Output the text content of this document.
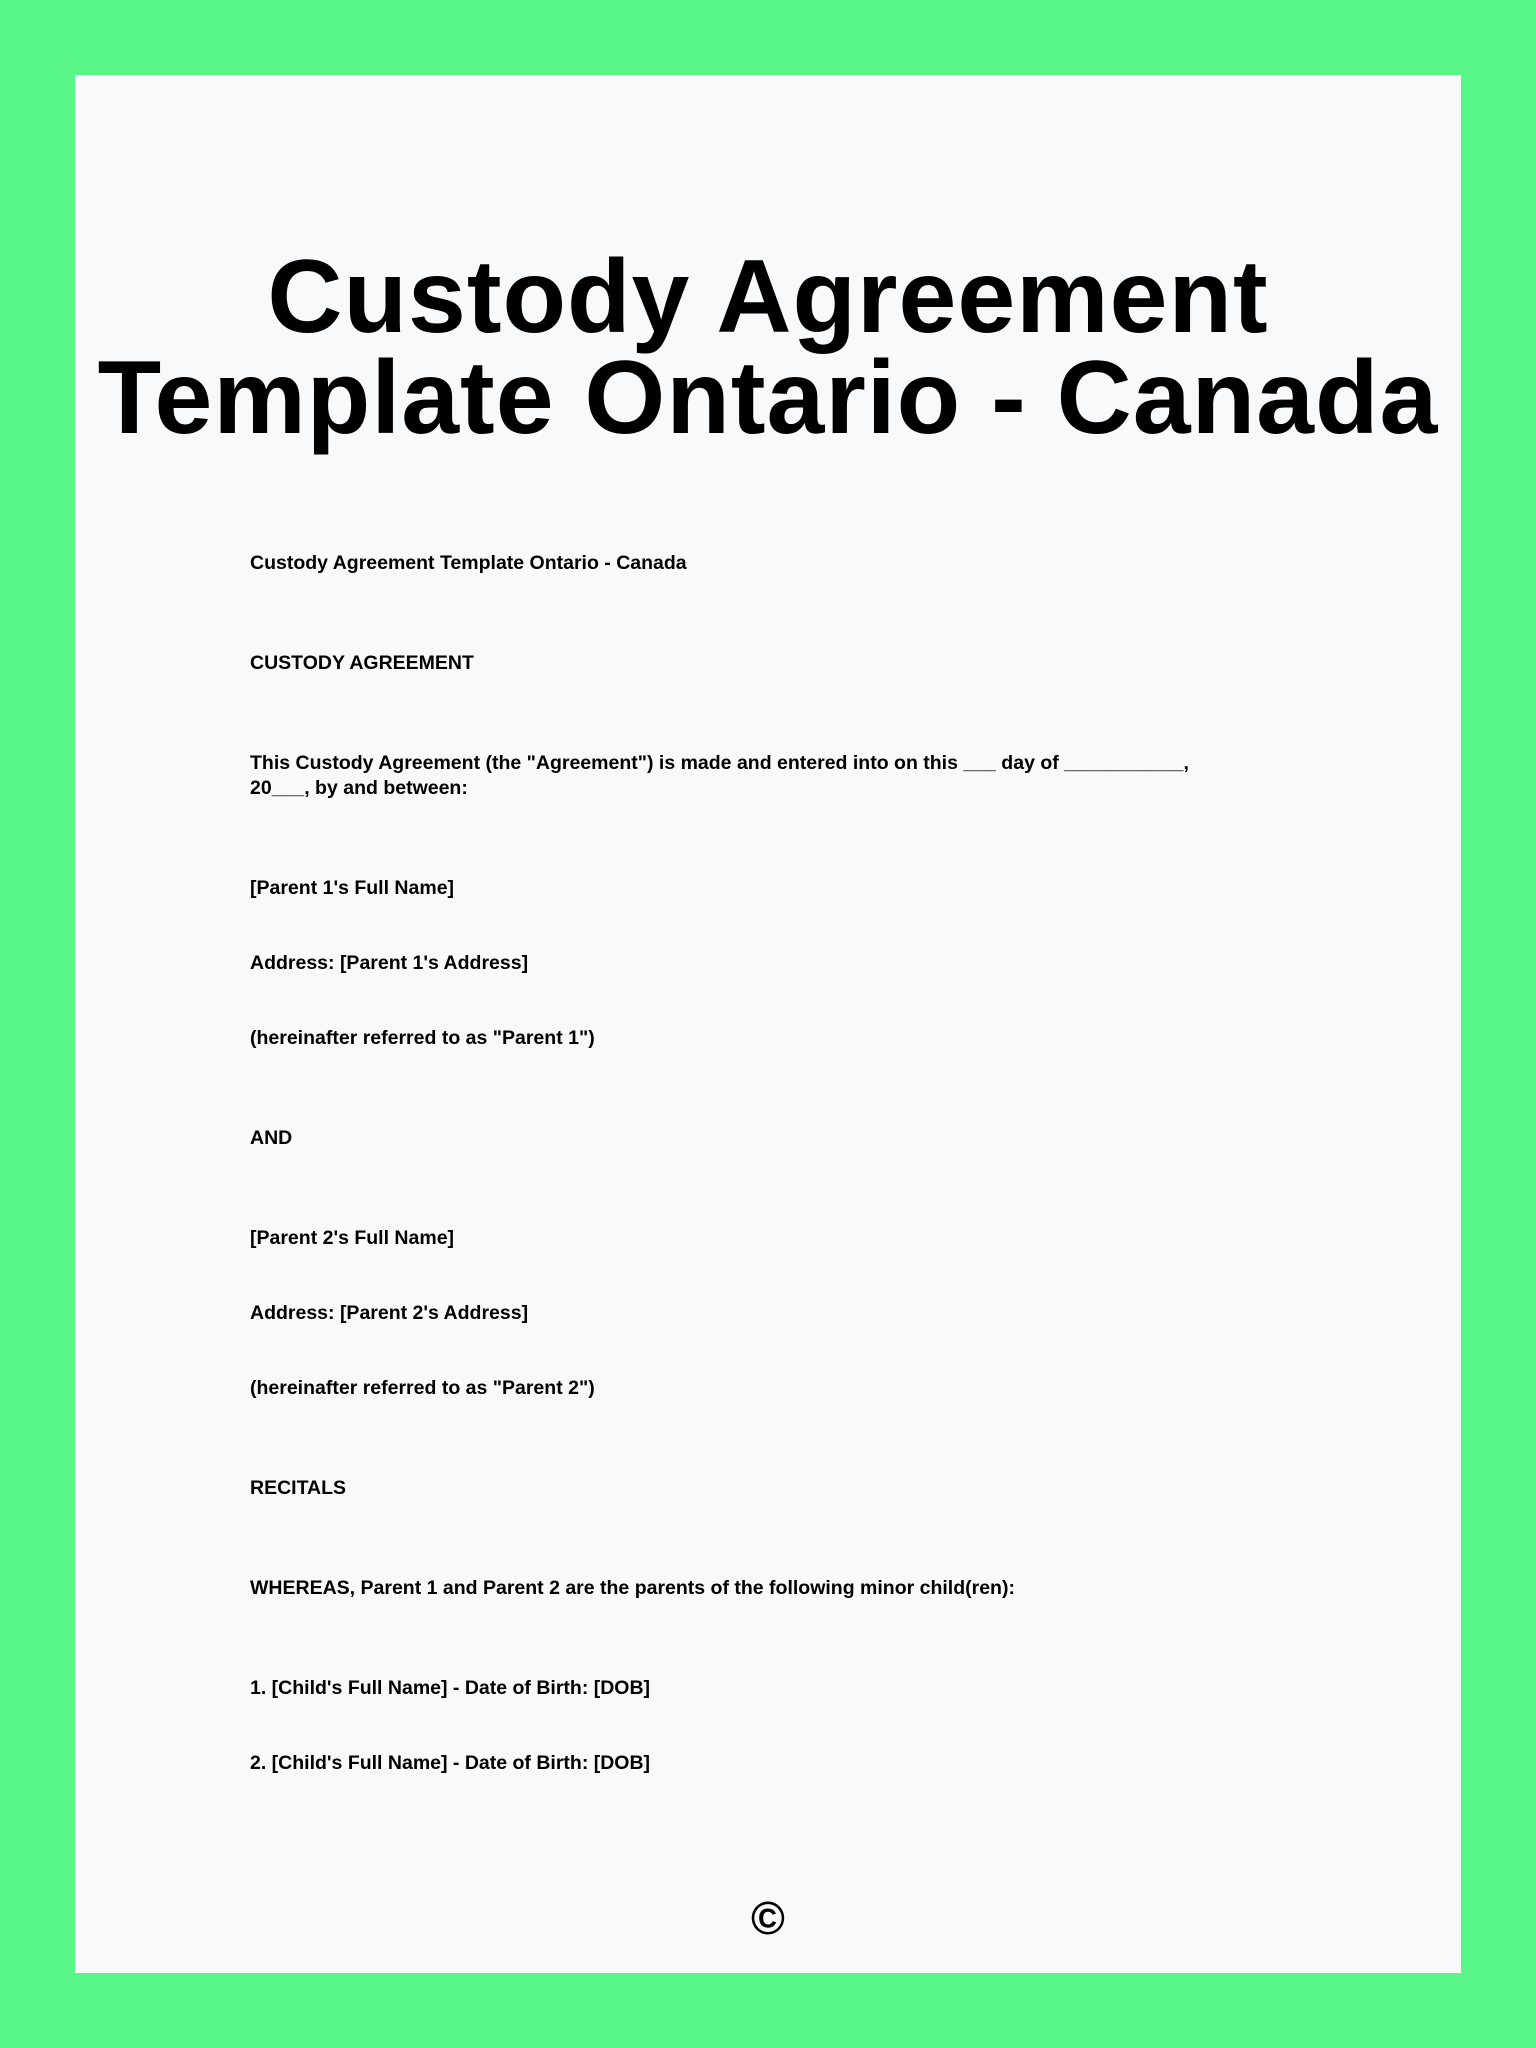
Custody Agreement
Template Ontario - Canada

Custody Agreement Template Ontario - Canada

CUSTODY AGREEMENT

This Custody Agreement (the "Agreement") is made and entered into on this ___ day of ___________,

20___, by and between:

[Parent 1's Full Name]

Address: [Parent 1's Address]

(hereinafter referred to as "Parent 1")

AND

[Parent 2's Full Name]

Address: [Parent 2's Address]

(hereinafter referred to as "Parent 2")

RECITALS

WHEREAS, Parent 1 and Parent 2 are the parents of the following minor child(ren):

1. [Child's Full Name] - Date of Birth: [DOB]

2. [Child's Full Name] - Date of Birth: [DOB]

©
